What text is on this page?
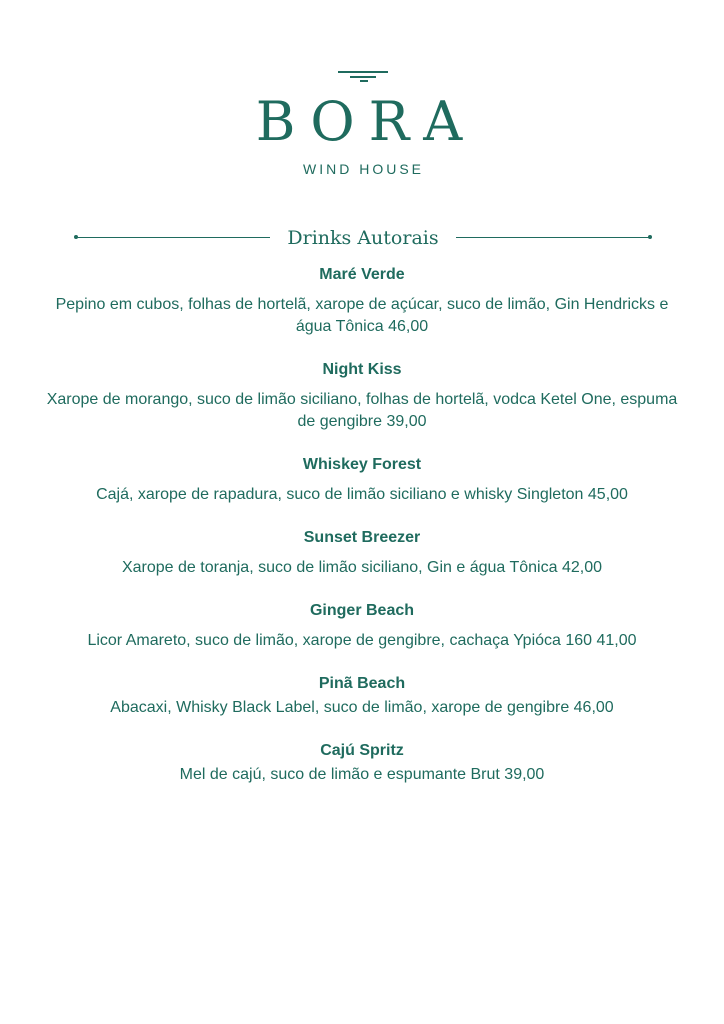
BORA
WIND HOUSE
Drinks Autorais
Maré Verde
Pepino em cubos, folhas de hortelã, xarope de açúcar, suco de limão, Gin Hendricks e água Tônica 46,00
Night Kiss
Xarope de morango, suco de limão siciliano, folhas de hortelã, vodca Ketel One, espuma de gengibre 39,00
Whiskey Forest
Cajá, xarope de rapadura, suco de limão siciliano e whisky Singleton 45,00
Sunset Breezer
Xarope de toranja, suco de limão siciliano, Gin e água Tônica 42,00
Ginger Beach
Licor Amareto, suco de limão, xarope de gengibre, cachaça Ypióca 160 41,00
Pinã Beach
Abacaxi, Whisky Black Label, suco de limão, xarope de gengibre 46,00
Cajú Spritz
Mel de cajú, suco de limão e espumante Brut 39,00
